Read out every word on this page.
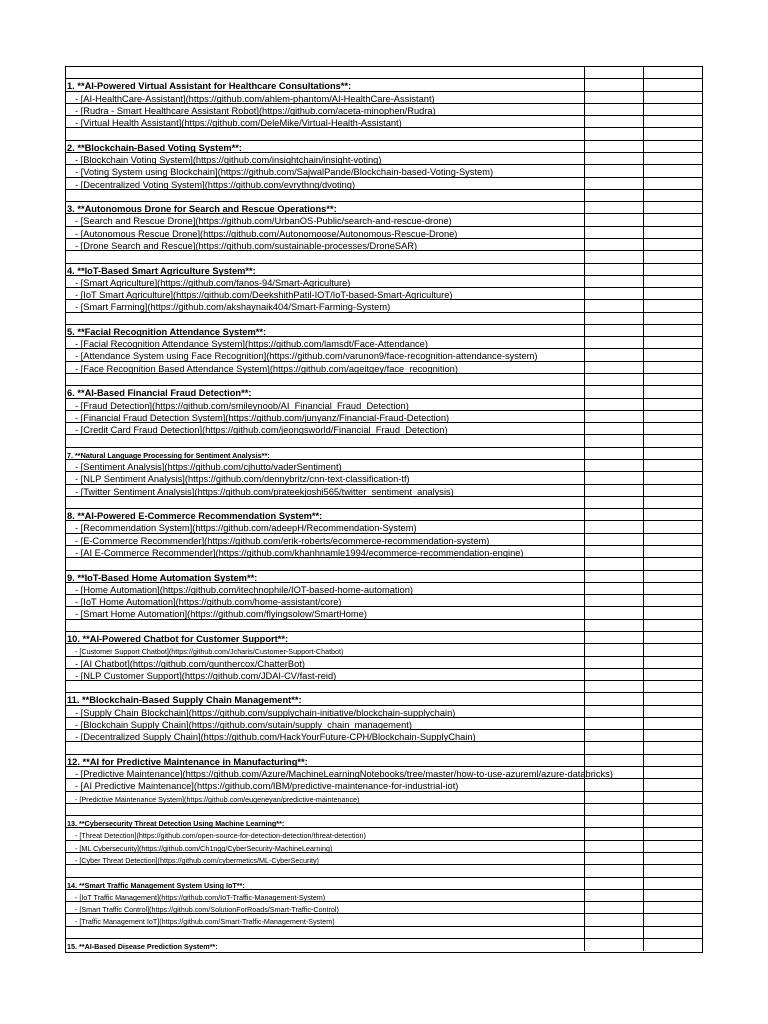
1. **AI-Powered Virtual Assistant for Healthcare Consultations**:
- [AI-HealthCare-Assistant](https://github.com/ahlem-phantom/AI-HealthCare-Assistant)
- [Rudra - Smart Healthcare Assistant Robot](https://github.com/aceta-minophen/Rudra)
- [Virtual Health Assistant](https://github.com/DeleMike/Virtual-Health-Assistant)
2. **Blockchain-Based Voting System**:
- [Blockchain Voting System](https://github.com/insightchain/insight-voting)
- [Voting System using Blockchain](https://github.com/SajwalPande/Blockchain-based-Voting-System)
- [Decentralized Voting System](https://github.com/evrythng/dvoting)
3. **Autonomous Drone for Search and Rescue Operations**:
- [Search and Rescue Drone](https://github.com/UrbanOS-Public/search-and-rescue-drone)
- [Autonomous Rescue Drone](https://github.com/Autonomoose/Autonomous-Rescue-Drone)
- [Drone Search and Rescue](https://github.com/sustainable-processes/DroneSAR)
4. **IoT-Based Smart Agriculture System**:
- [Smart Agriculture](https://github.com/fanos-94/Smart-Agriculture)
- [IoT Smart Agriculture](https://github.com/DeekshithPatil-IOT/IoT-based-Smart-Agriculture)
- [Smart Farming](https://github.com/akshaynaik404/Smart-Farming-System)
5. **Facial Recognition Attendance System**:
- [Facial Recognition Attendance System](https://github.com/lamsdt/Face-Attendance)
- [Attendance System using Face Recognition](https://github.com/varunon9/face-recognition-attendance-system)
- [Face Recognition Based Attendance System](https://github.com/ageitgey/face_recognition)
6. **AI-Based Financial Fraud Detection**:
- [Fraud Detection](https://github.com/smileynoob/AI_Financial_Fraud_Detection)
- [Financial Fraud Detection System](https://github.com/junyanz/Financial-Fraud-Detection)
- [Credit Card Fraud Detection](https://github.com/jeongsworld/Financial_Fraud_Detection)
7. **Natural Language Processing for Sentiment Analysis**:
- [Sentiment Analysis](https://github.com/cjhutto/vaderSentiment)
- [NLP Sentiment Analysis](https://github.com/dennybritz/cnn-text-classification-tf)
- [Twitter Sentiment Analysis](https://github.com/prateekjoshi565/twitter_sentiment_analysis)
8. **AI-Powered E-Commerce Recommendation System**:
- [Recommendation System](https://github.com/adeepH/Recommendation-System)
- [E-Commerce Recommender](https://github.com/erik-roberts/ecommerce-recommendation-system)
- [AI E-Commerce Recommender](https://github.com/khanhnamle1994/ecommerce-recommendation-engine)
9. **IoT-Based Home Automation System**:
- [Home Automation](https://github.com/itechnophile/IOT-based-home-automation)
- [IoT Home Automation](https://github.com/home-assistant/core)
- [Smart Home Automation](https://github.com/flyingsolow/SmartHome)
10. **AI-Powered Chatbot for Customer Support**:
- [Customer Support Chatbot](https://github.com/Jcharis/Customer-Support-Chatbot)
- [AI Chatbot](https://github.com/gunthercox/ChatterBot)
- [NLP Customer Support](https://github.com/JDAI-CV/fast-reid)
11. **Blockchain-Based Supply Chain Management**:
- [Supply Chain Blockchain](https://github.com/supplychain-initiative/blockchain-supplychain)
- [Blockchain Supply Chain](https://github.com/sutain/supply_chain_management)
- [Decentralized Supply Chain](https://github.com/HackYourFuture-CPH/Blockchain-SupplyChain)
12. **AI for Predictive Maintenance in Manufacturing**:
- [Predictive Maintenance](https://github.com/Azure/MachineLearningNotebooks/tree/master/how-to-use-azureml/azure-databricks)
- [AI Predictive Maintenance](https://github.com/IBM/predictive-maintenance-for-industrial-iot)
- [Predictive Maintenance System](https://github.com/eugeneyan/predictive-maintenance)
13. **Cybersecurity Threat Detection Using Machine Learning**:
- [Threat Detection](https://github.com/open-source-for-detection-detection/threat-detection)
- [ML Cybersecurity](https://github.com/Ch1ngg/CyberSecurity-MachineLearning)
- [Cyber Threat Detection](https://github.com/cybermetics/ML-CyberSecurity)
14. **Smart Traffic Management System Using IoT**:
- [IoT Traffic Management](https://github.com/IoT-Traffic-Management-System)
- [Smart Traffic Control](https://github.com/SolutionForRoads/Smart-Traffic-Control)
- [Traffic Management IoT](https://github.com/Smart-Traffic-Management-System)
15. **AI-Based Disease Prediction System**:
